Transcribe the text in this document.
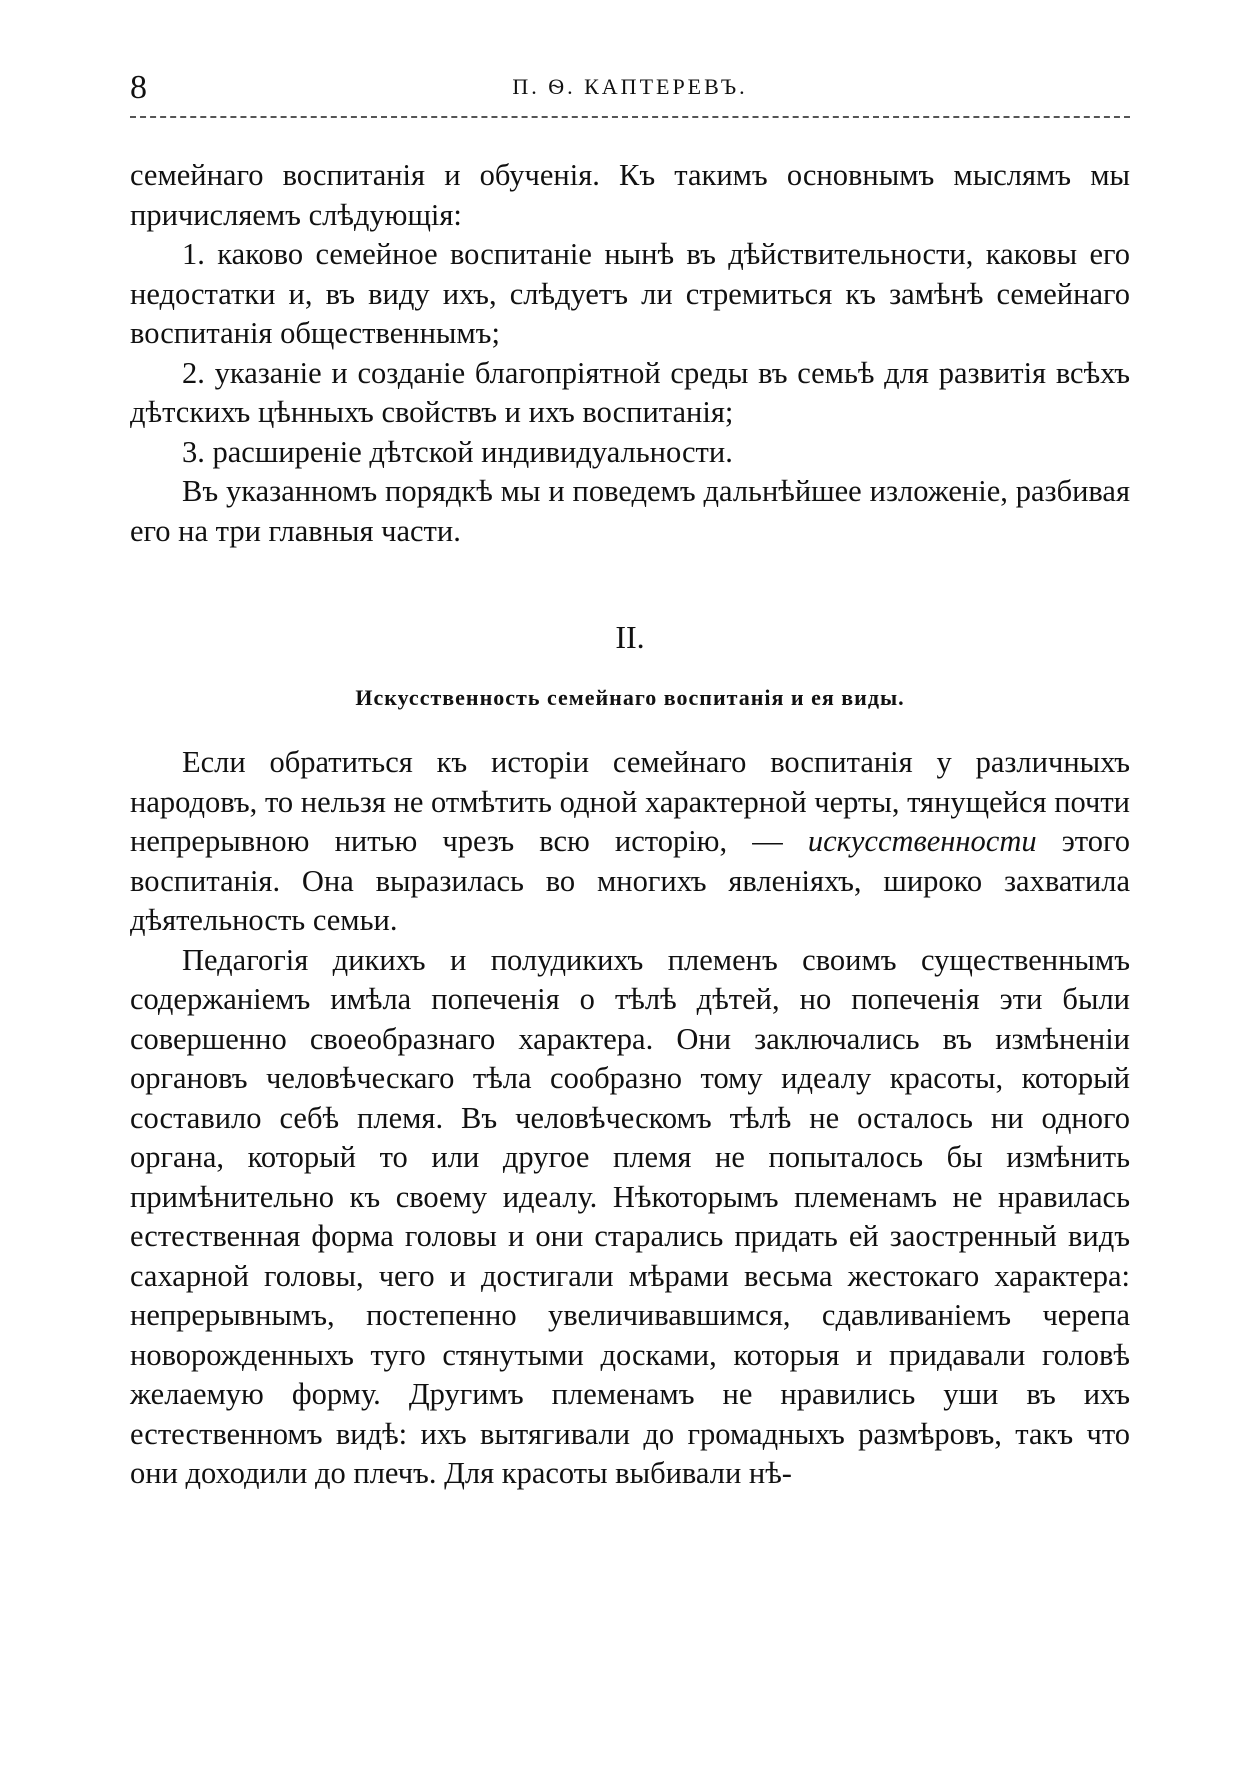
8	П. Ѳ. КАПТЕРЕВЪ.

семейнаго воспитанія и обученія. Къ такимъ основнымъ мыслямъ мы причисляемъ слѣдующія:

1. каково семейное воспитаніе нынѣ въ дѣйствительности, каковы его недостатки и, въ виду ихъ, слѣдуетъ ли стремиться къ замѣнѣ семейнаго воспитанія общественнымъ;

2. указаніе и созданіе благопріятной среды въ семьѣ для развитія всѣхъ дѣтскихъ цѣнныхъ свойствъ и ихъ воспитанія;

3. расширеніе дѣтской индивидуальности.

Въ указанномъ порядкѣ мы и поведемъ дальнѣйшее изложеніе, разбивая его на три главныя части.

II.
Искусственность семейнаго воспитанія и ея виды.

Если обратиться къ исторіи семейнаго воспитанія у различныхъ народовъ, то нельзя не отмѣтить одной характерной черты, тянущейся почти непрерывною нитью чрезъ всю исторію, — искусственности этого воспитанія. Она выразилась во многихъ явленіяхъ, широко захватила дѣятельность семьи.

Педагогія дикихъ и полудикихъ племенъ своимъ существеннымъ содержаніемъ имѣла попеченія о тѣлѣ дѣтей, но попеченія эти были совершенно своеобразнаго характера. Они заключались въ измѣненіи органовъ человѣческаго тѣла сообразно тому идеалу красоты, который составило себѣ племя. Въ человѣческомъ тѣлѣ не осталось ни одного органа, который то или другое племя не попыталось бы измѣнить примѣнительно къ своему идеалу. Нѣкоторымъ племенамъ не нравилась естественная форма головы и они старались придать ей заостренный видъ сахарной головы, чего и достигали мѣрами весьма жестокаго характера: непрерывнымъ, постепенно увеличивавшимся, сдавливаніемъ черепа новорожденныхъ туго стянутыми досками, которыя и придавали головѣ желаемую форму. Другимъ племенамъ не нравились уши въ ихъ естественномъ видѣ: ихъ вытягивали до громадныхъ размѣровъ, такъ что они доходили до плечъ. Для красоты выбивали нѣ-
